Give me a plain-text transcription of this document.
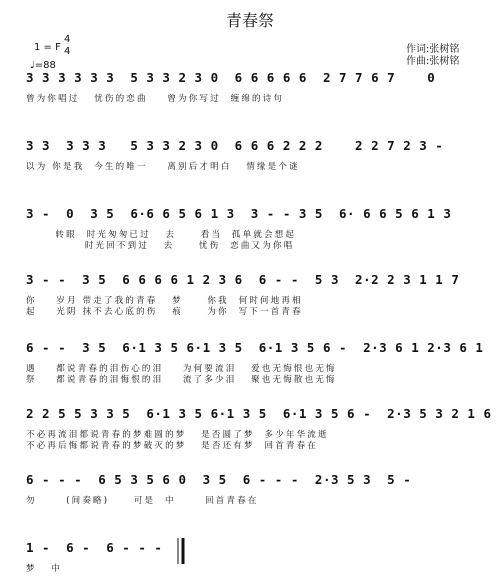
青春祭
1 = F
4
4
♩=88
作词:张树铭
作曲:张树铭
3 3 3 3 3 3  5 3 3 2 3 0  6 6 6 6 6  2 7 7 6 7    0
曾为你唱过   忧伤的恋曲    曾为你写过  缠绵的诗句
3 3  3 3 3   5 3 3 2 3 0  6 6 6 2 2 2    2 2 7 2 3 -
以为 你是我  今生的唯一    离别后才明白   情缘是个谜
3 -  0  3 5  6·6 6 5 6 1 3  3 - - 3 5  6· 6 6 5 6 1 3
转眼  时光匆匆已过   去     看当  孤单就会想起
时光回不到过   去     忧伤  恋曲又为你唱
3 - -  3 5  6 6 6 6 1 2 3 6  6 - -  5 3  2·2 2 3 1 1 7
你    岁月 带走了我的青春   梦     你我  何时何地再相
起    光阴 抹不去心底的伤   痕     为你  写下一首青春
6 - -  3 5  6·1 3 5 6·1 3 5  6·1 3 5 6 -  2·3 6 1 2·3 6 1
遇    都说青春的泪伤心的泪    为何要流泪   爱也无悔恨也无悔
祭    都说青春的泪悔恨的泪    流了多少泪   聚也无悔散也无悔
2 2 5 5 3 3 5  6·1 3 5 6·1 3 5  6·1 3 5 6 -  2·3 5 3 2 1 6
不必再流泪都说青春的梦难圆的梦   是否圆了梦  多少年华流逝
不必再后悔都说青春的梦破灭的梦   是否还有梦  回首青春在
6 - - -  6 5 3 5 6 0  3 5  6 - - -  2·3 5 3  5 -
勿      (间奏略)     可是  中      回首青春在
1 -  6 -  6 - - -
梦   中
